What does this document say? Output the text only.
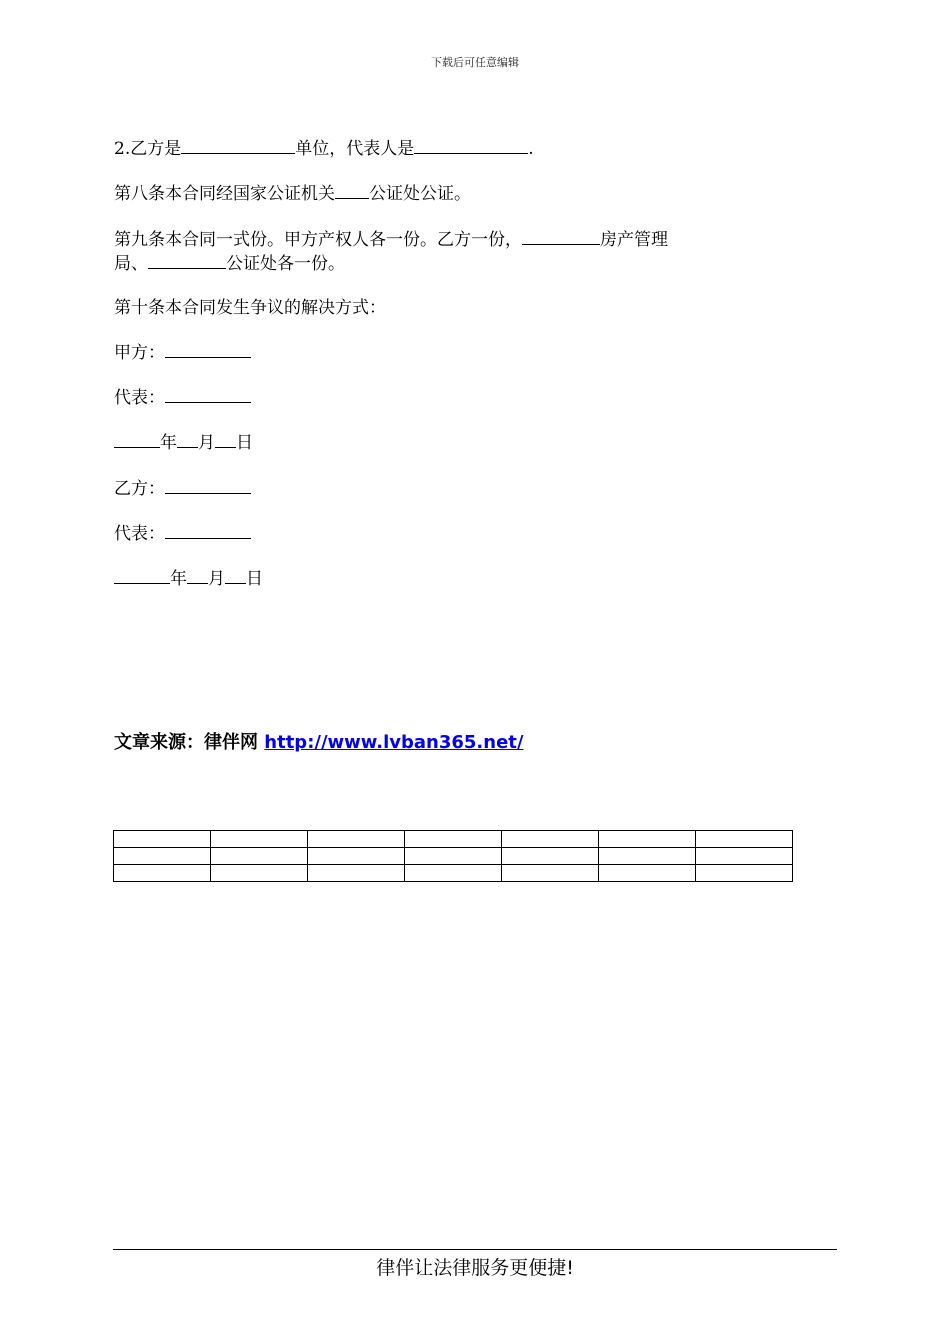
下载后可任意编辑
2.乙方是	单位，代表人是	.
第八条本合同经国家公证机关 公证处公证。
第九条本合同一式份。甲方产权人各一份。乙方一份，	房产管理
局、	公证处各一份。
第十条本合同发生争议的解决方式：
甲方：
代表：
年 月 日
乙方：
代表：
年 月 日
文章来源：律伴网 http://www.lvban365.net/

律伴让法律服务更便捷!
